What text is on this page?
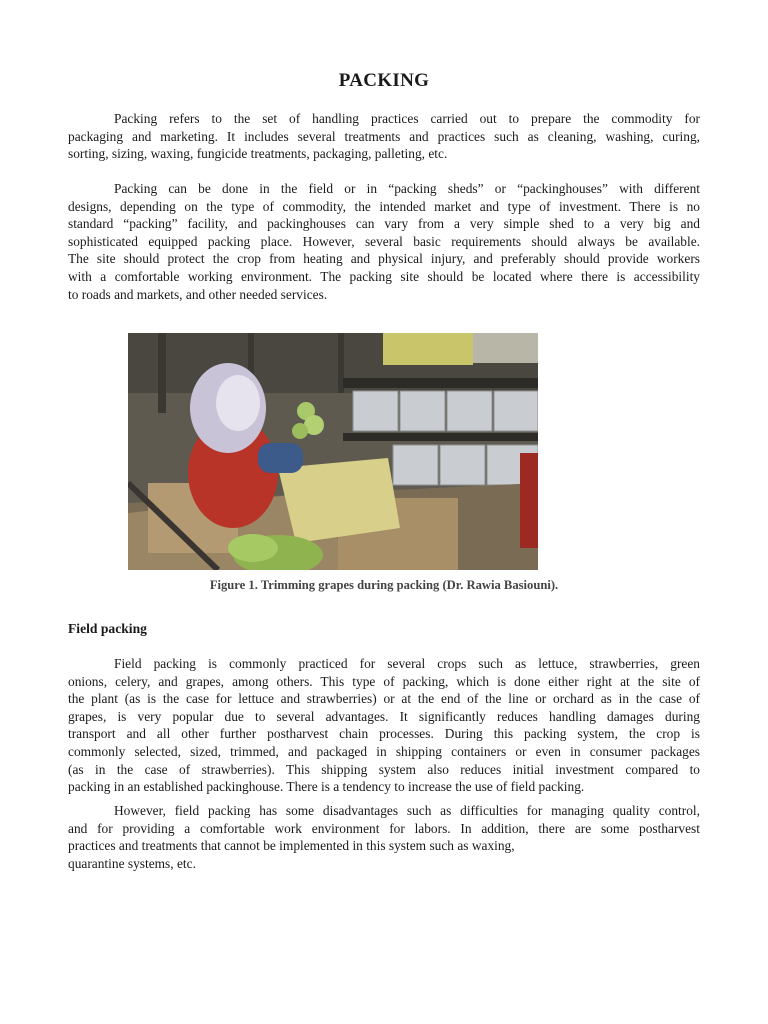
PACKING

Packing refers to the set of handling practices carried out to prepare the commodity for
packaging and marketing. It includes several treatments and practices such as cleaning, washing, curing,
sorting, sizing, waxing, fungicide treatments, packaging, palleting, etc.

Packing can be done in the field or in “packing sheds” or “packinghouses” with different
designs, depending on the type of commodity, the intended market and type of investment. There is no
standard “packing” facility, and packinghouses can vary from a very simple shed to a very big and
sophisticated equipped packing place. However, several basic requirements should always be available.
The site should protect the crop from heating and physical injury, and preferably should provide workers
with a comfortable working environment. The packing site should be located where there is accessibility
to roads and markets, and other needed services.

Figure 1. Trimming grapes during packing (Dr. Rawia Basiouni).
Field packing

Field packing is commonly practiced for several crops such as lettuce, strawberries, green
onions, celery, and grapes, among others. This type of packing, which is done either right at the site of
the plant (as is the case for lettuce and strawberries) or at the end of the line or orchard as in the case of
grapes, is very popular due to several advantages. It significantly reduces handling damages during
transport and all other further postharvest chain processes. During this packing system, the crop is
commonly selected, sized, trimmed, and packaged in shipping containers or even in consumer packages
(as in the case of strawberries). This shipping system also reduces initial investment compared to
packing in an established packinghouse. There is a tendency to increase the use of field packing.

However, field packing has some disadvantages such as difficulties for managing quality control,
and for providing a comfortable work environment for labors. In addition, there are some postharvest
practices and treatments that cannot be implemented in this system such as waxing,
quarantine systems, etc.
